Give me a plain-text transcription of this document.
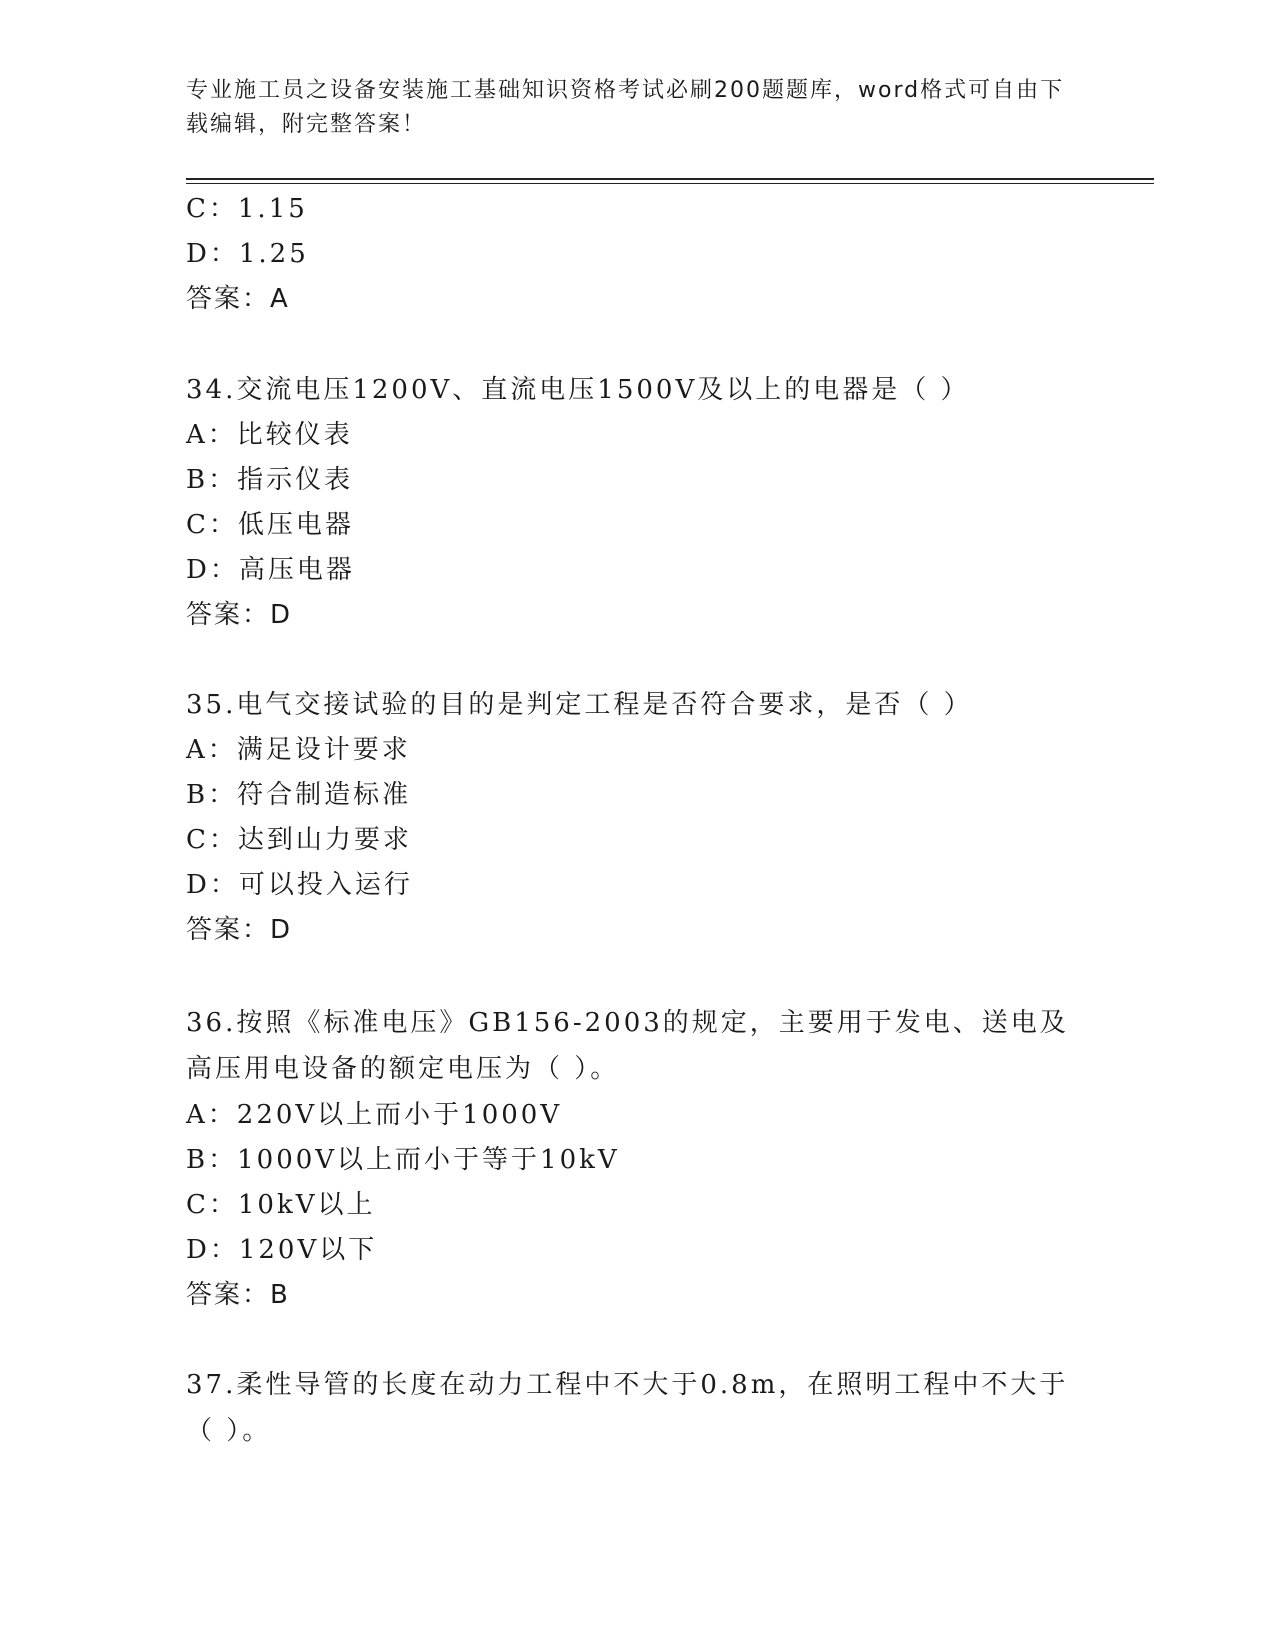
专业施工员之设备安装施工基础知识资格考试必刷200题题库，word格式可自由下载编辑，附完整答案！
C：1.15
D：1.25
答案：A
34.交流电压1200V、直流电压1500V及以上的电器是（ ）
A：比较仪表
B：指示仪表
C：低压电器
D：高压电器
答案：D
35.电气交接试验的目的是判定工程是否符合要求，是否（ ）
A：满足设计要求
B：符合制造标准
C：达到山力要求
D：可以投入运行
答案：D
36.按照《标准电压》GB156-2003的规定，主要用于发电、送电及高压用电设备的额定电压为（ ）。
A：220V以上而小于1000V
B：1000V以上而小于等于10kV
C：10kV以上
D：120V以下
答案：B
37.柔性导管的长度在动力工程中不大于0.8m，在照明工程中不大于（ ）。
